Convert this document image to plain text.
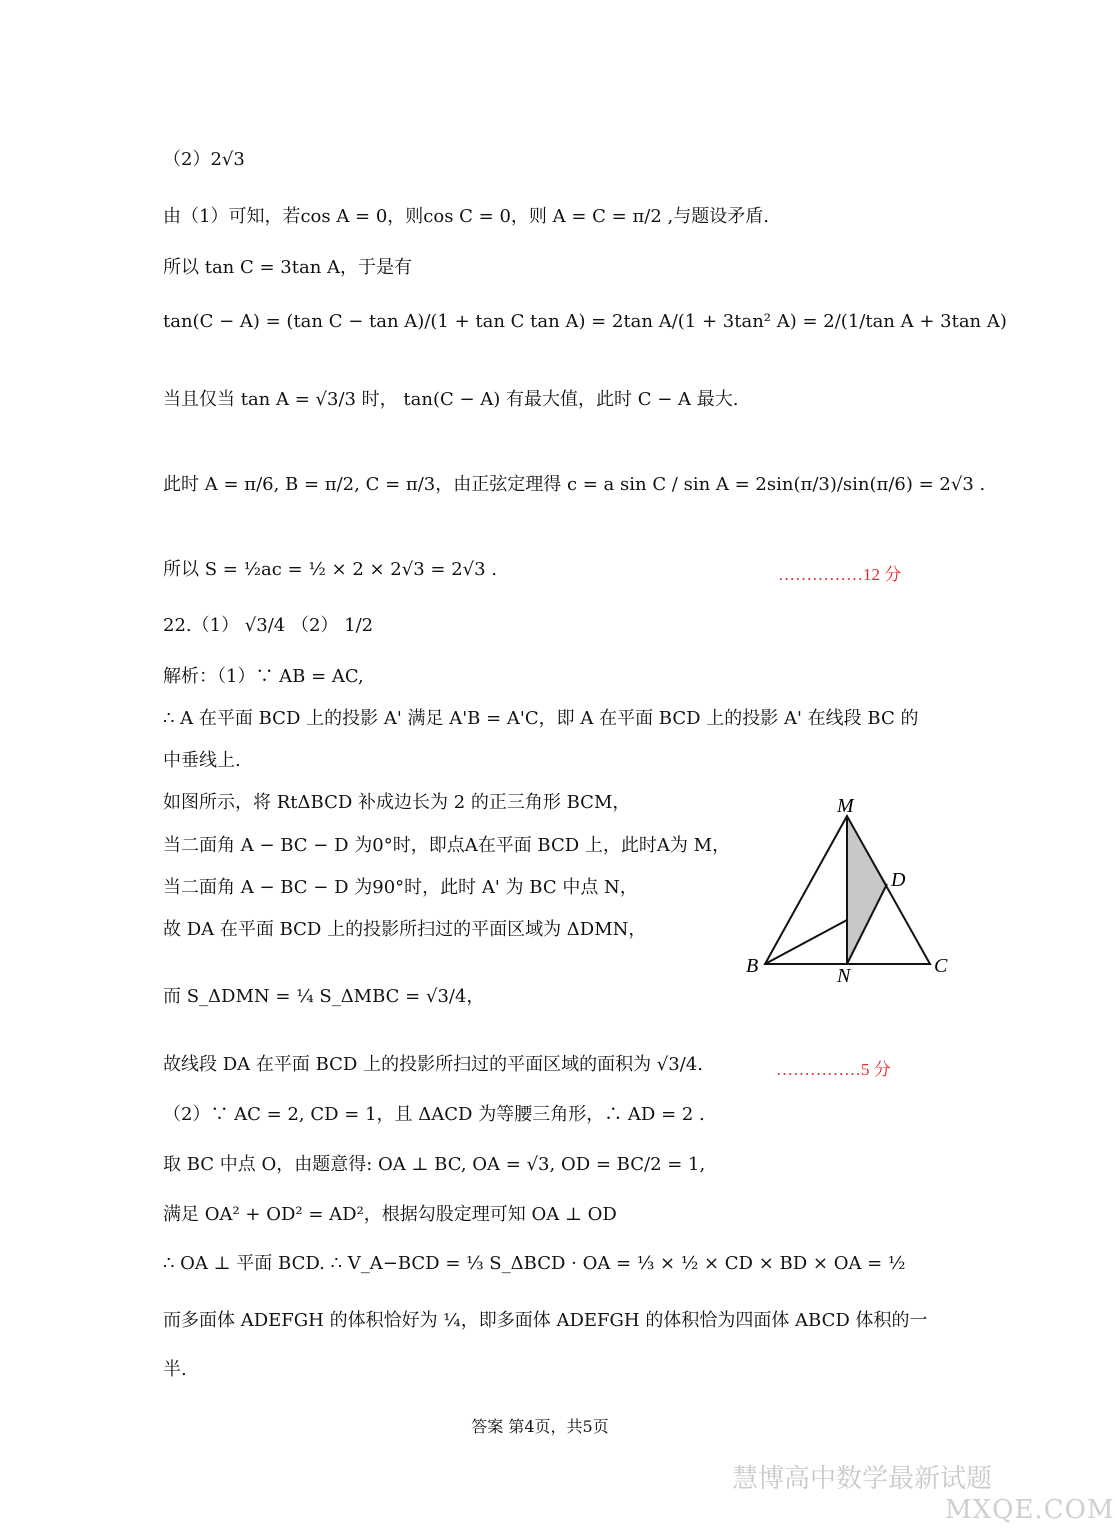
（2）2√3
由（1）可知，若cos A = 0，则cos C = 0，则 A = C = π/2 ,与题设矛盾.
所以 tan C = 3tan A，于是有
tan(C − A) = (tan C − tan A)/(1 + tan C tan A) = 2tan A/(1 + 3tan² A) = 2/(1/tan A + 3tan A)
当且仅当 tan A = √3/3 时， tan(C − A) 有最大值，此时 C − A 最大.
此时 A = π/6, B = π/2, C = π/3，由正弦定理得 c = a sin C / sin A = 2sin(π/3)/sin(π/6) = 2√3 .
所以 S = ½ac = ½ × 2 × 2√3 = 2√3 .	……………12 分
22.（1） √3/4 （2） 1/2
解析：（1）∵ AB = AC,
∴ A 在平面 BCD 上的投影 A' 满足 A'B = A'C，即 A 在平面 BCD 上的投影 A' 在线段 BC 的
中垂线上.
如图所示，将 RtΔBCD 补成边长为 2 的正三角形 BCM，
当二面角 A − BC − D 为0°时，即点A在平面 BCD 上，此时A为 M，
当二面角 A − BC − D 为90°时，此时 A' 为 BC 中点 N，
故 DA 在平面 BCD 上的投影所扫过的平面区域为 ΔDMN，
而 S_ΔDMN = ¼ S_ΔMBC = √3/4，
故线段 DA 在平面 BCD 上的投影所扫过的平面区域的面积为 √3/4.	……………5 分
M
D
B	N	C
（2）∵ AC = 2, CD = 1，且 ΔACD 为等腰三角形，∴ AD = 2 .
取 BC 中点 O，由题意得: OA ⊥ BC, OA = √3, OD = BC/2 = 1,
满足 OA² + OD² = AD²，根据勾股定理可知 OA ⊥ OD
∴ OA ⊥ 平面 BCD. ∴ V_A−BCD = ⅓ S_ΔBCD · OA = ⅓ × ½ × CD × BD × OA = ½
而多面体 ADEFGH 的体积恰好为 ¼，即多面体 ADEFGH 的体积恰为四面体 ABCD 体积的一
半.
答案 第4页，共5页
慧博高中数学最新试题
MXQE.COM
